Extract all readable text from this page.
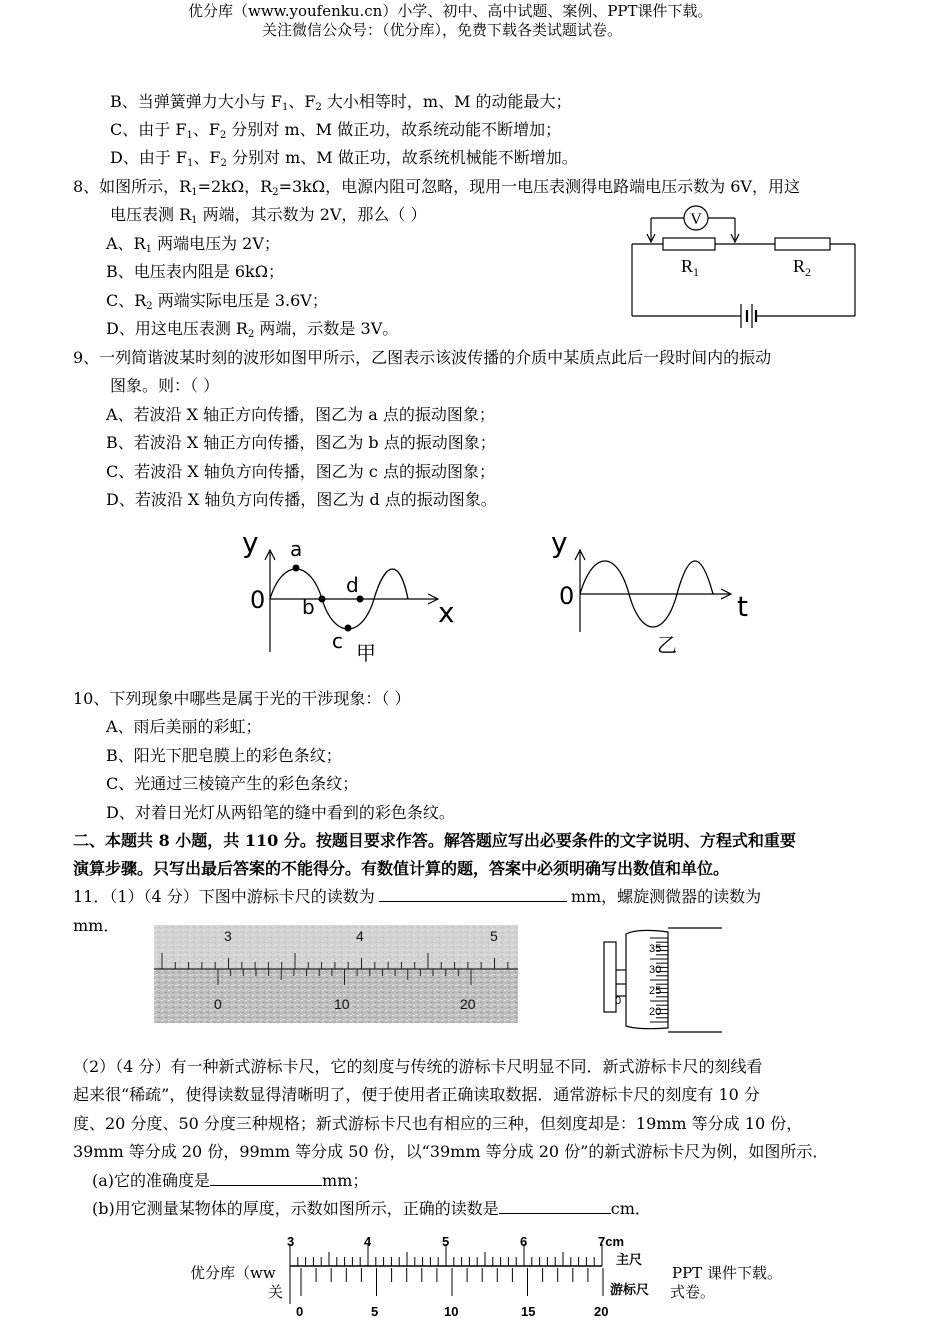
优分库（www.youfenku.cn）小学、初中、高中试题、案例、PPT课件下载。
关注微信公众号：（优分库），免费下载各类试题试卷。
B、当弹簧弹力大小与 $F_1$、$F_2$ 大小相等时，m、M 的动能最大；
C、由于 $F_1$、$F_2$ 分别对 m、M 做正功，故系统动能不断增加；
D、由于 $F_1$、$F_2$ 分别对 m、M 做正功，故系统机械能不断增加。
8、如图所示，$R_1=2k\Omega$，$R_2=3k\Omega$，电源内阻可忽略，现用一电压表测得电路端电压示数为 6V，用这
电压表测 $R_1$ 两端，其示数为 2V，那么（ ）
A、$R_1$ 两端电压为 2V；
B、电压表内阻是 6kΩ；
C、$R_2$ 两端实际电压是 3.6V；
D、用这电压表测 $R_2$ 两端，示数是 3V。
V
$R_1$	$R_2$
9、一列简谐波某时刻的波形如图甲所示，乙图表示该波传播的介质中某质点此后一段时间内的振动
图象。则：（ ）
A、若波沿 X 轴正方向传播，图乙为 a 点的振动图象；
B、若波沿 X 轴正方向传播，图乙为 b 点的振动图象；
C、若波沿 X 轴负方向传播，图乙为 c 点的振动图象；
D、若波沿 X 轴负方向传播，图乙为 d 点的振动图象。
y
x
0
a
b
c
d
甲
y
t
0
乙
10、下列现象中哪些是属于光的干涉现象：（ ）
A、雨后美丽的彩虹；
B、阳光下肥皂膜上的彩色条纹；
C、光通过三棱镜产生的彩色条纹；
D、对着日光灯从两铅笔的缝中看到的彩色条纹。
二、本题共 8 小题，共 110 分。按题目要求作答。解答题应写出必要条件的文字说明、方程式和重要
演算步骤。只写出最后答案的不能得分。有数值计算的题，答案中必须明确写出数值和单位。
11．（1）（4 分）下图中游标卡尺的读数为	mm，螺旋测微器的读数为
mm．
3	4	5
0	10	20
35
30
25
20
0
（2）（4 分）有一种新式游标卡尺，它的刻度与传统的游标卡尺明显不同．新式游标卡尺的刻线看
起来很“稀疏”，使得读数显得清晰明了，便于使用者正确读取数据．通常游标卡尺的刻度有 10 分
度、20 分度、50 分度三种规格；新式游标卡尺也有相应的三种，但刻度却是：19mm 等分成 10 份，
39mm 等分成 20 份，99mm 等分成 50 份，以“39mm 等分成 20 份”的新式游标卡尺为例，如图所示．
(a)它的准确度是	mm；
(b)用它测量某物体的厚度，示数如图所示，正确的读数是	cm．
优分库（ww
关
PPT 课件下载。
式卷。
3	4	5	6	7cm
0	5	10	15	20
主尺
游标尺
